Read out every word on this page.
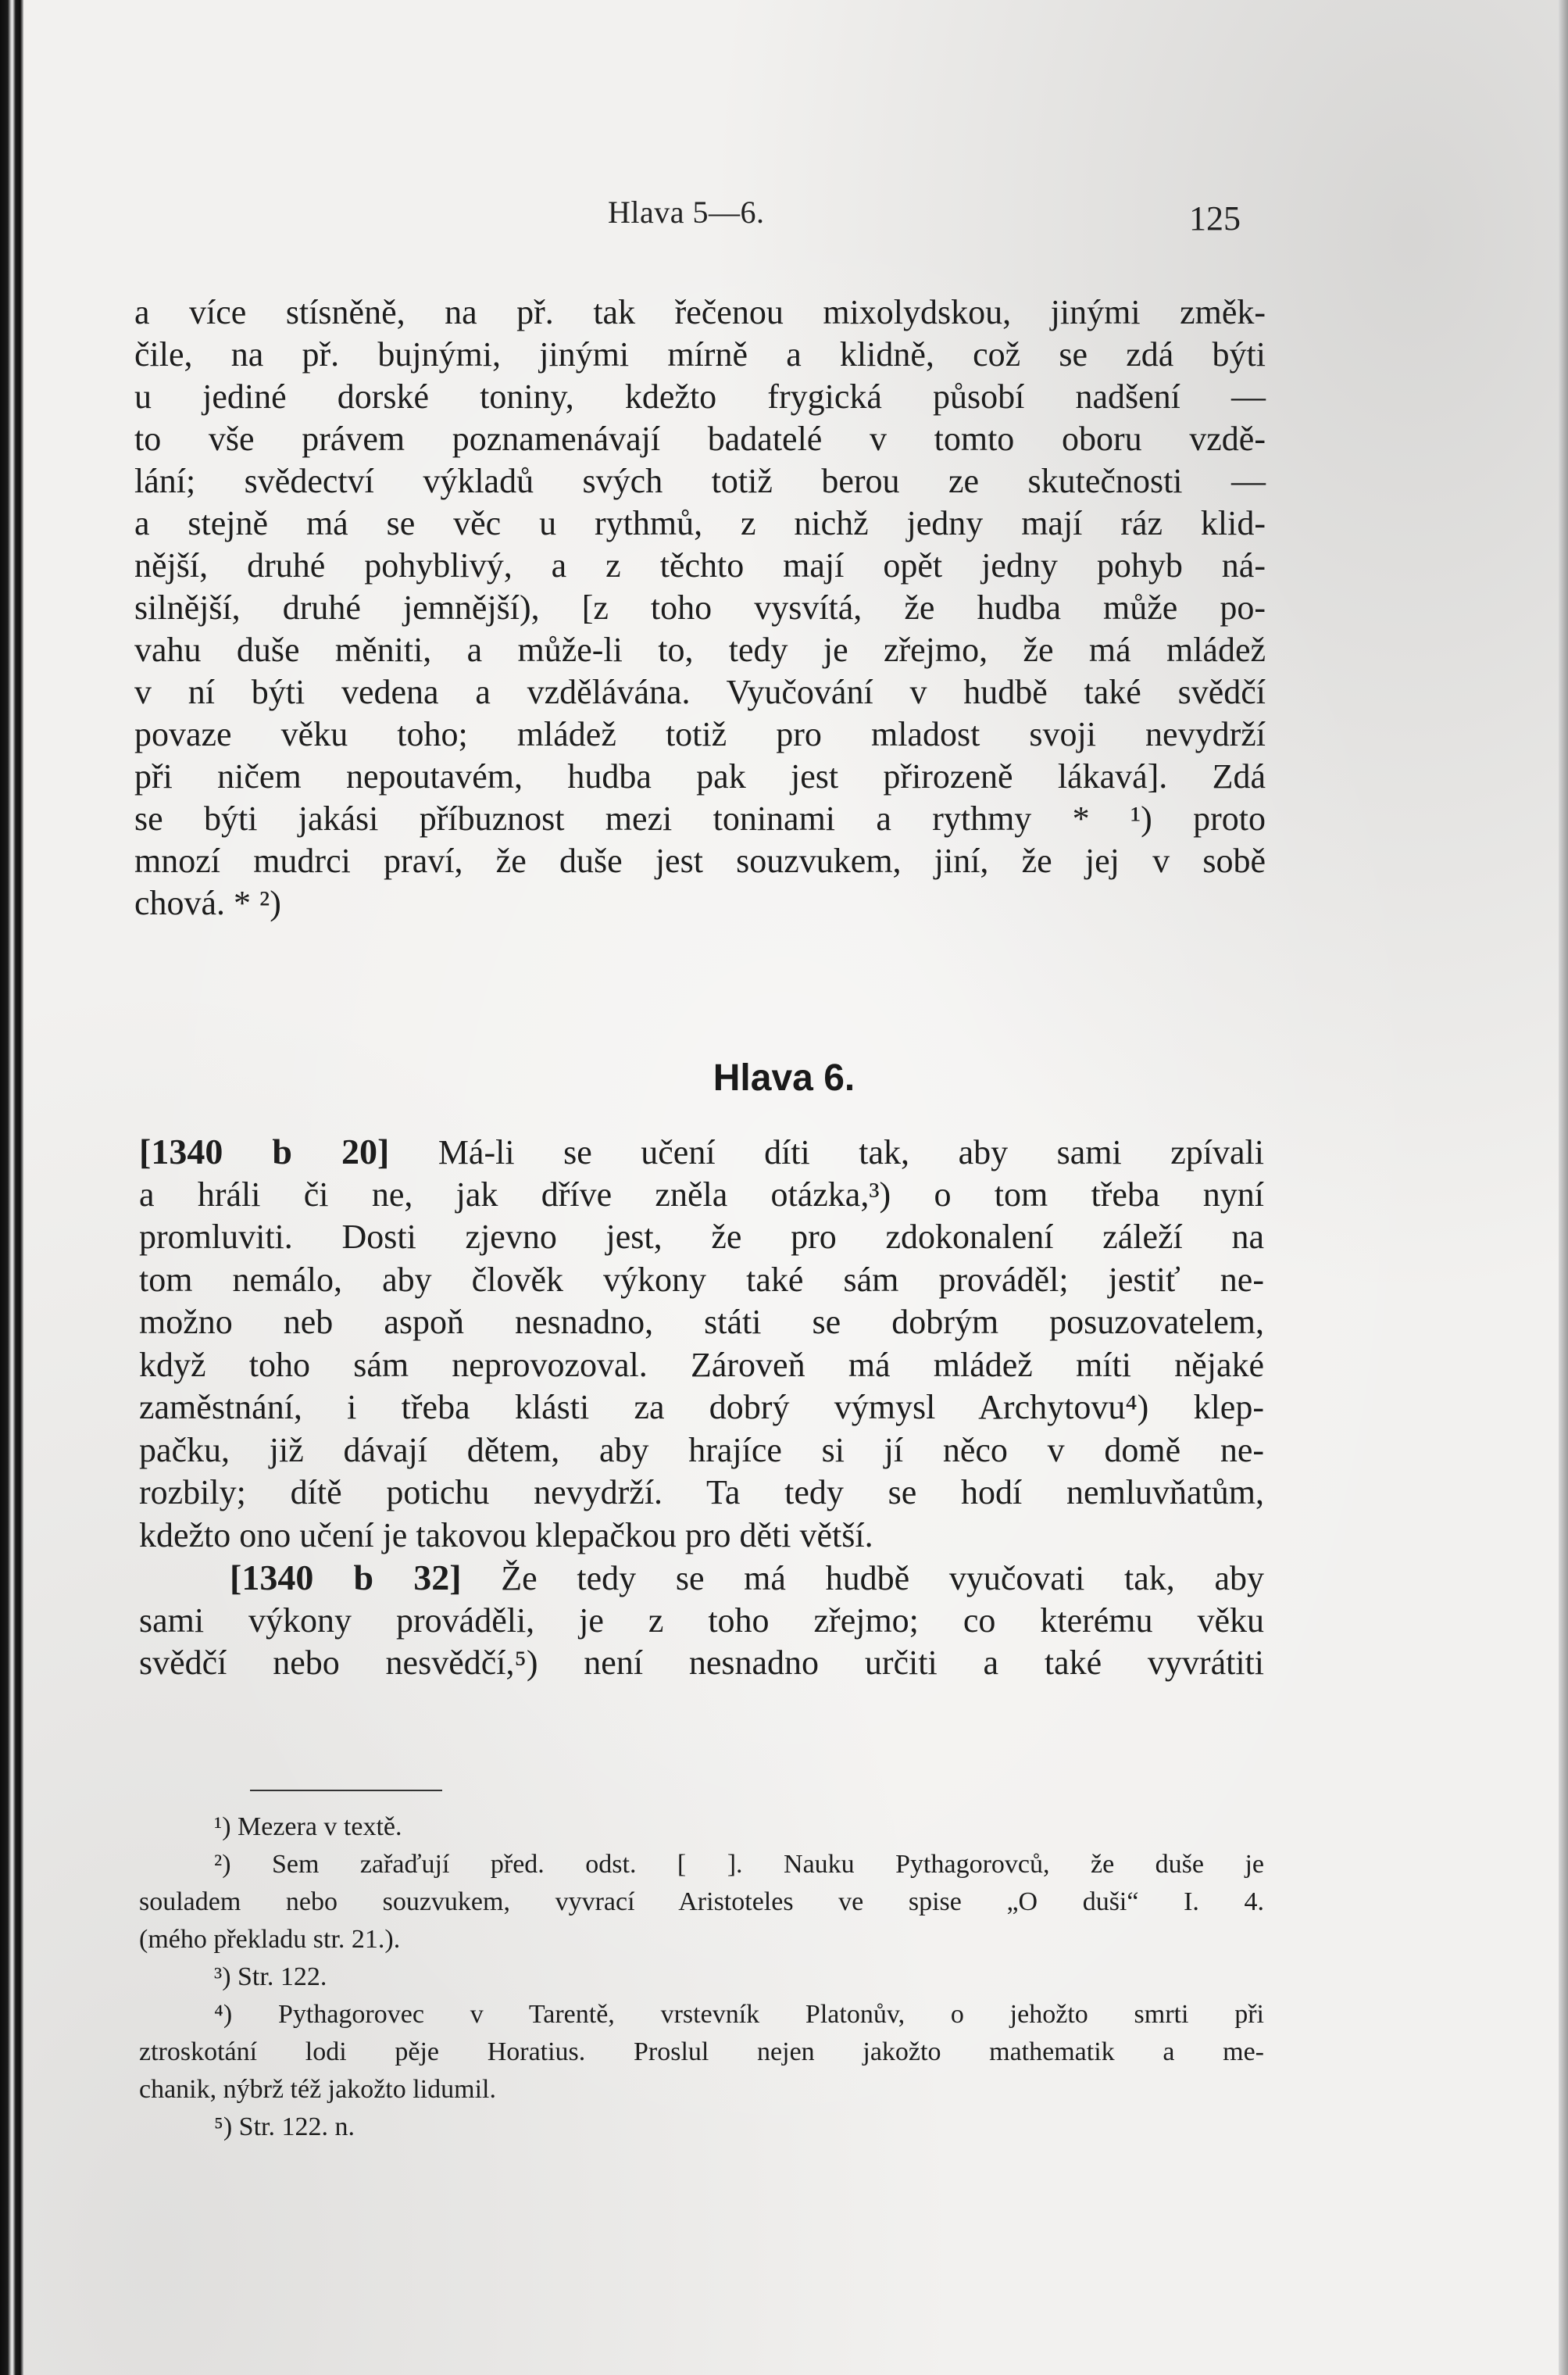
Hlava 5—6.	125
a více stísněně, na př. tak řečenou mixolydskou, jinými změk-
čile, na př. bujnými, jinými mírně a klidně, což se zdá býti
u jediné dorské toniny, kdežto frygická působí nadšení —
to vše právem poznamenávají badatelé v tomto oboru vzdě-
lání; svědectví výkladů svých totiž berou ze skutečnosti —
a stejně má se věc u rythmů, z nichž jedny mají ráz klid-
nější, druhé pohyblivý, a z těchto mají opět jedny pohyb ná-
silnější, druhé jemnější), [z toho vysvítá, že hudba může po-
vahu duše měniti, a může-li to, tedy je zřejmo, že má mládež
v ní býti vedena a vzdělávána. Vyučování v hudbě také svědčí
povaze věku toho; mládež totiž pro mladost svoji nevydrží
při ničem nepoutavém, hudba pak jest přirozeně lákavá]. Zdá
se býti jakási příbuznost mezi toninami a rythmy * ¹) proto
mnozí mudrci praví, že duše jest souzvukem, jiní, že jej v sobě
chová. * ²)
Hlava 6.
[1340 b 20] Má-li se učení díti tak, aby sami zpívali
a hráli či ne, jak dříve zněla otázka,³) o tom třeba nyní
promluviti. Dosti zjevno jest, že pro zdokonalení záleží na
tom nemálo, aby člověk výkony také sám prováděl; jestiť ne-
možno neb aspoň nesnadno, státi se dobrým posuzovatelem,
když toho sám neprovozoval. Zároveň má mládež míti nějaké
zaměstnání, i třeba klásti za dobrý výmysl Archytovu⁴) klep-
pačku, již dávají dětem, aby hrajíce si jí něco v domě ne-
rozbily; dítě potichu nevydrží. Ta tedy se hodí nemluvňatům,
kdežto ono učení je takovou klepačkou pro děti větší.
[1340 b 32] Že tedy se má hudbě vyučovati tak, aby
sami výkony prováděli, je z toho zřejmo; co kterému věku
svědčí nebo nesvědčí,⁵) není nesnadno určiti a také vyvrátiti
¹) Mezera v textě.
²) Sem zařaďují před. odst. [ ]. Nauku Pythagorovců, že duše je
souladem nebo souzvukem, vyvrací Aristoteles ve spise „O duši“ I. 4.
(mého překladu str. 21.).
³) Str. 122.
⁴) Pythagorovec v Tarentě, vrstevník Platonův, o jehožto smrti při
ztroskotání lodi pěje Horatius. Proslul nejen jakožto mathematik a me-
chanik, nýbrž též jakožto lidumil.
⁵) Str. 122. n.
